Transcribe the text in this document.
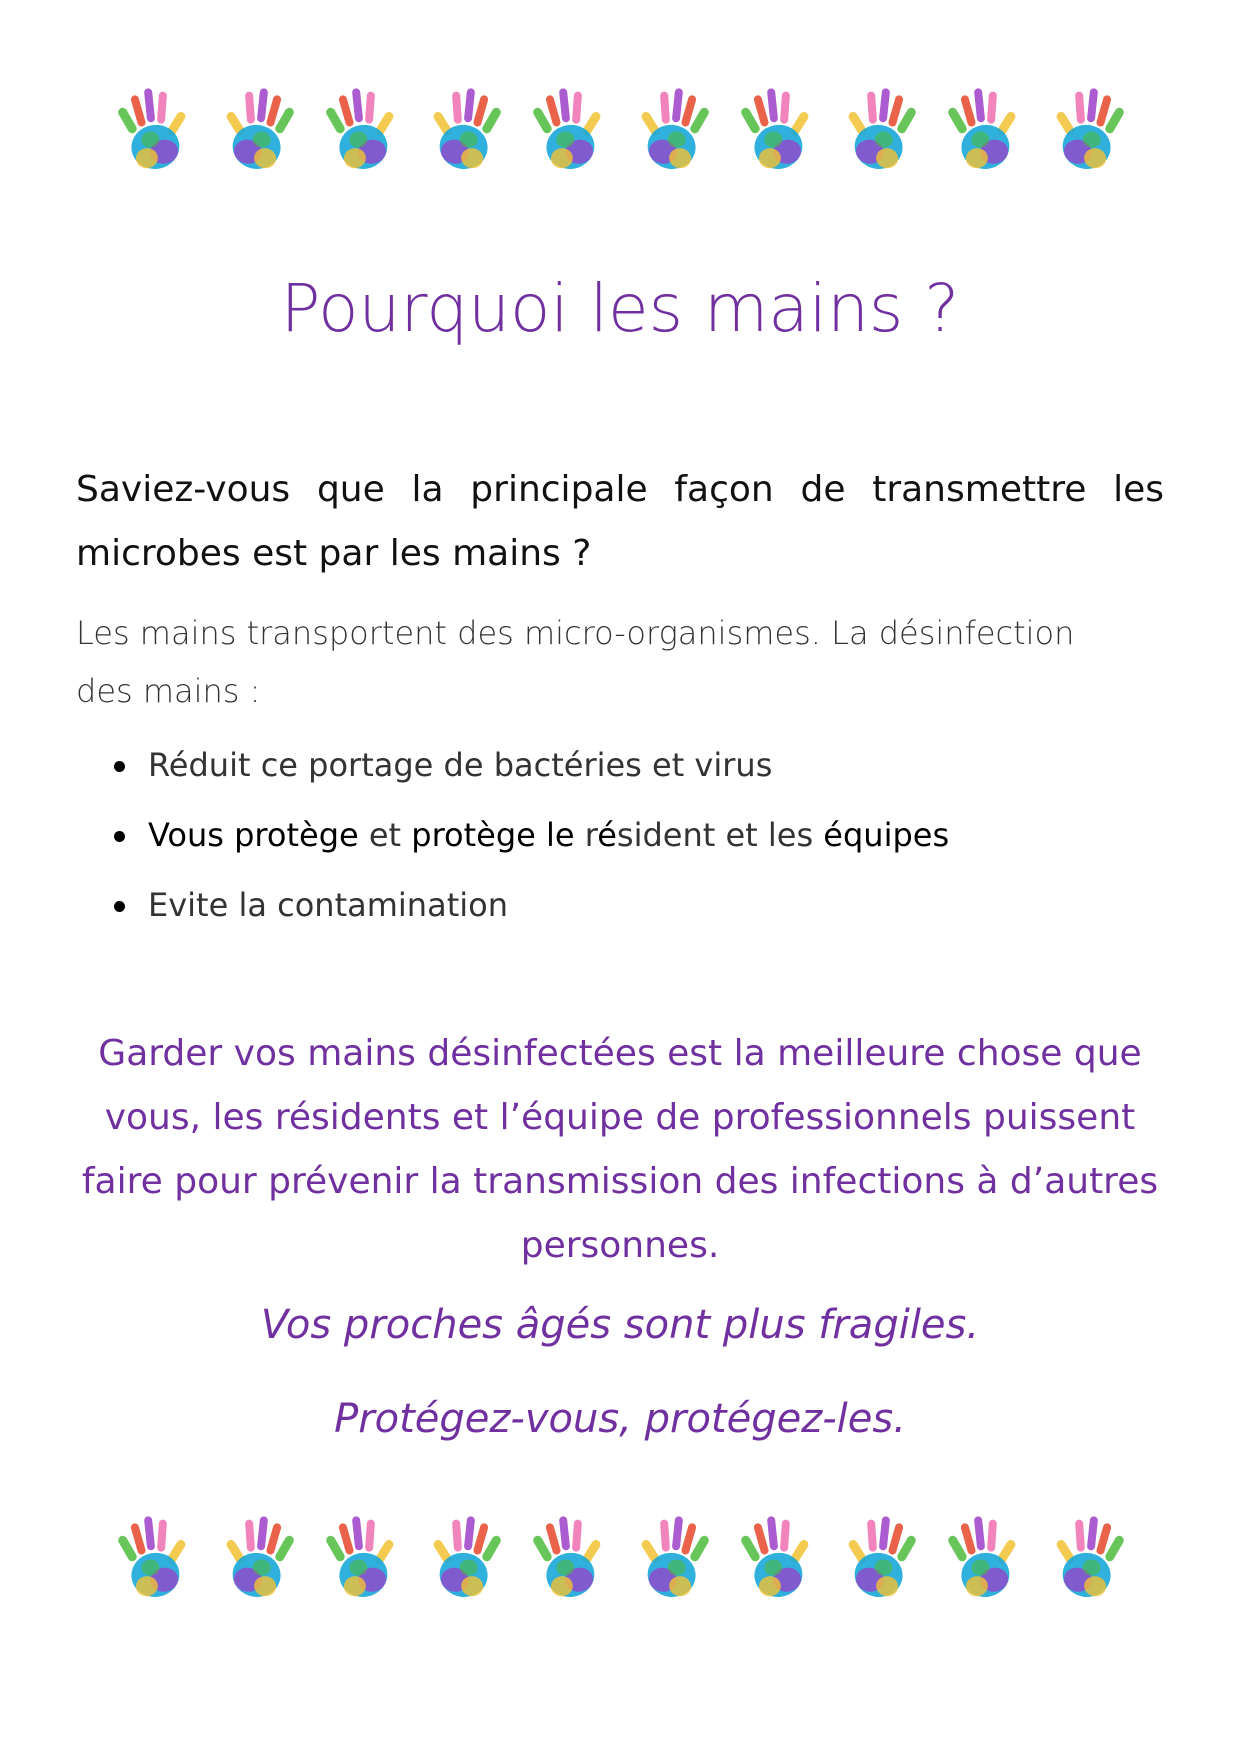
Pourquoi les mains ?
Saviez-vous que la principale façon de transmettre les
microbes est par les mains ?
Les mains transportent des micro-organismes. La désinfection des mains :
Réduit ce portage de bactéries et virus
Vous protège et protège le résident et les équipes
Evite la contamination
Garder vos mains désinfectées est la meilleure chose que vous, les résidents et l’équipe de professionnels puissent faire pour prévenir la transmission des infections à d’autres personnes.
Vos proches âgés sont plus fragiles.
Protégez-vous, protégez-les.
